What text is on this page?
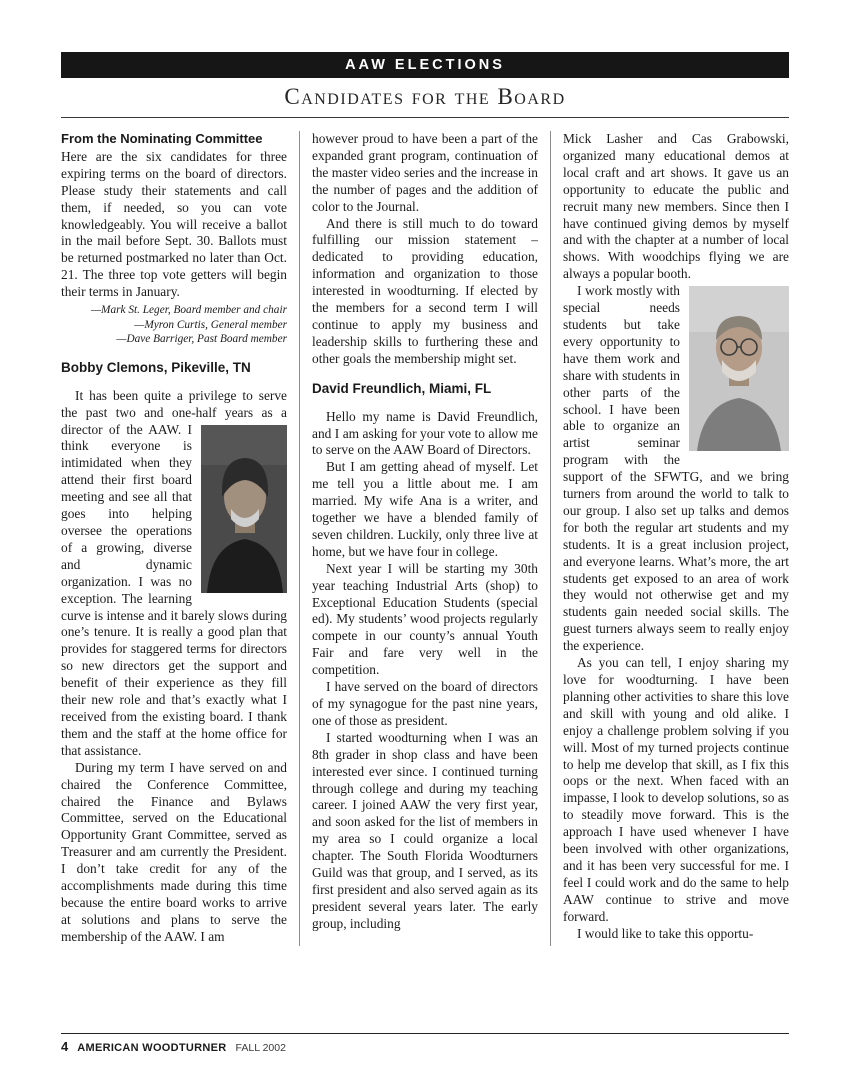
AAW ELECTIONS
Candidates for the Board
From the Nominating Committee

Here are the six candidates for three expiring terms on the board of directors. Please study their statements and call them, if needed, so you can vote knowledgeably. You will receive a ballot in the mail before Sept. 30. Ballots must be returned postmarked no later than Oct. 21. The three top vote getters will begin their terms in January.

—Mark St. Leger, Board member and chair
—Myron Curtis, General member
—Dave Barriger, Past Board member
Bobby Clemons, Pikeville, TN

It has been quite a privilege to serve the past two and one-half years as a director of the AAW. I
think everyone is intimidated when they attend their first board meeting and see all that goes into helping oversee the operations of a growing, diverse and dynamic organization. I was no exception. The learning curve is intense and it barely slows during one’s tenure. It is really a good plan that provides for staggered terms for directors so new directors get the support and benefit of their experience as they fill their new role and that’s exactly what I received from the existing board. I thank them and the staff at the home office for that assistance.

During my term I have served on and chaired the Conference Committee, chaired the Finance and Bylaws Committee, served on the Educational Opportunity Grant Committee, served as Treasurer and am currently the President. I don’t take credit for any of the accomplishments made during this time because the entire board works to arrive at solutions and plans to serve the membership of the AAW. I am

however proud to have been a part of the expanded grant program, continuation of the master video series and the increase in the number of pages and the addition of color to the Journal.

And there is still much to do toward fulfilling our mission statement – dedicated to providing education, information and organization to those interested in woodturning. If elected by the members for a second term I will continue to apply my business and leadership skills to furthering these and other goals the membership might set.

David Freundlich, Miami, FL

Hello my name is David Freundlich, and I am asking for your vote to allow me to serve on the AAW Board of Directors.

But I am getting ahead of myself. Let me tell you a little about me. I am married. My wife Ana is a writer, and together we have a blended family of seven children. Luckily, only three live at home, but we have four in college.

Next year I will be starting my 30th year teaching Industrial Arts (shop) to Exceptional Education Students (special ed). My students’ wood projects regularly compete in our county’s annual Youth Fair and fare very well in the competition.

I have served on the board of directors of my synagogue for the past nine years, one of those as president.

I started woodturning when I was an 8th grader in shop class and have been interested ever since. I continued turning through college and during my teaching career. I joined AAW the very first year, and soon asked for the list of members in my area so I could organize a local chapter. The South Florida Woodturners Guild was that group, and I served, as its first president and also served again as its president several years later. The early group, including

Mick Lasher and Cas Grabowski, organized many educational demos at local craft and art shows. It gave us an opportunity to educate the public and recruit many new members. Since then I have continued giving demos by myself and with the chapter at a number of local shows. With woodchips flying we are always a popular booth.

I work mostly with special needs students but take every opportunity to have them work and share with students in other parts of the school. I have been able to organize an artist seminar program with the support of the SFWTG, and we bring turners from around the world to talk to our group. I also set up talks and demos for both the regular art students and my students. It is a great inclusion project, and everyone learns. What’s more, the art students get exposed to an area of work they would not otherwise get and my students gain needed social skills. The guest turners always seem to really enjoy the experience.

As you can tell, I enjoy sharing my love for woodturning. I have been planning other activities to share this love and skill with young and old alike. I enjoy a challenge problem solving if you will. Most of my turned projects continue to help me develop that skill, as I fix this oops or the next. When faced with an impasse, I look to develop solutions, so as to steadily move forward. This is the approach I have used whenever I have been involved with other organizations, and it has been very successful for me. I feel I could work and do the same to help AAW continue to strive and move forward.

I would like to take this opportu-

4 AMERICAN WOODTURNER FALL 2002
